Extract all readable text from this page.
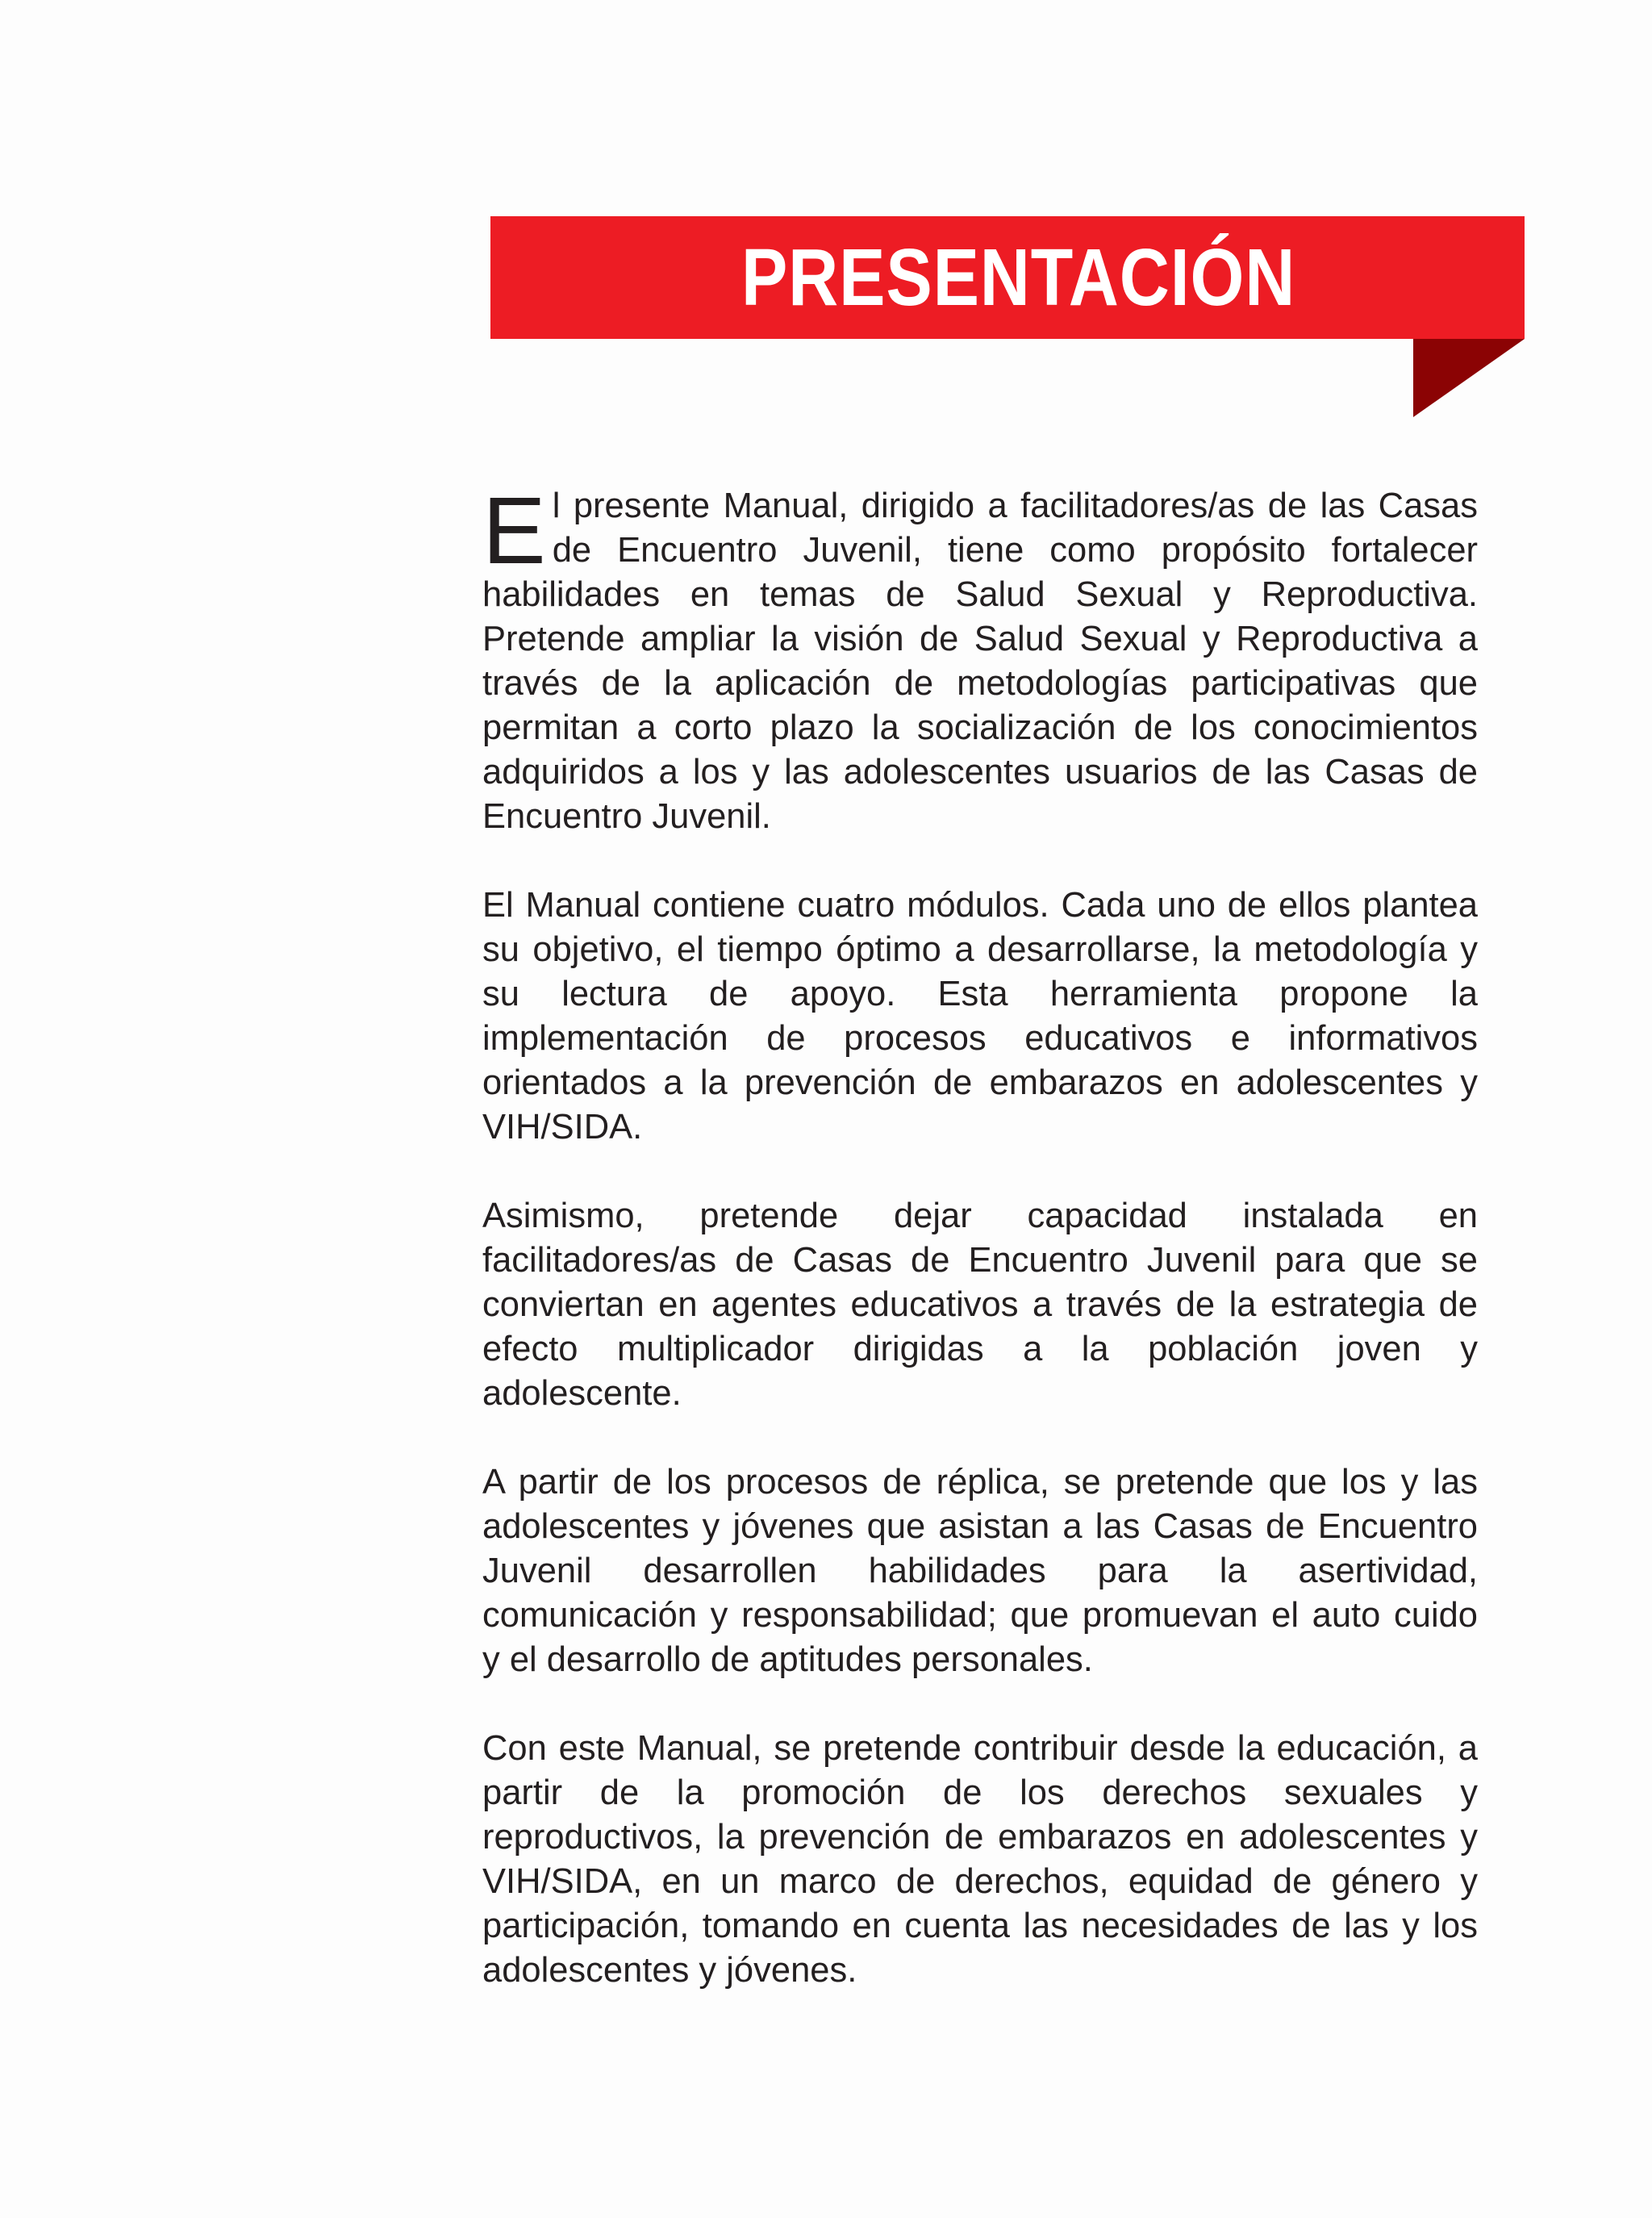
PRESENTACIÓN

El presente Manual, dirigido a facilitadores/as de las Casas de Encuentro Juvenil, tiene como propósito fortalecer habilidades en temas de Salud Sexual y Reproductiva. Pretende ampliar la visión de Salud Sexual y Reproductiva a través de la aplicación de metodologías participativas que permitan a corto plazo la socialización de los conocimientos adquiridos a los y las adolescentes usuarios de las Casas de Encuentro Juvenil.

El Manual contiene cuatro módulos. Cada uno de ellos plantea su objetivo, el tiempo óptimo a desarrollarse, la metodología y su lectura de apoyo. Esta herramienta propone la implementación de procesos educativos e informativos orientados a la prevención de embarazos en adolescentes y VIH/SIDA.

Asimismo, pretende dejar capacidad instalada en facilitadores/as de Casas de Encuentro Juvenil para que se conviertan en agentes educativos a través de la estrategia de efecto multiplicador dirigidas a la población joven y adolescente.

A partir de los procesos de réplica, se pretende que los y las adolescentes y jóvenes que asistan a las Casas de Encuentro Juvenil desarrollen habilidades para la asertividad, comunicación y responsabilidad; que promuevan el auto cuido y el desarrollo de aptitudes personales.

Con este Manual, se pretende contribuir desde la educación, a partir de la promoción de los derechos sexuales y reproductivos, la prevención de embarazos en adolescentes y VIH/SIDA, en un marco de derechos, equidad de género y participación, tomando en cuenta las necesidades de las y los adolescentes y jóvenes.
